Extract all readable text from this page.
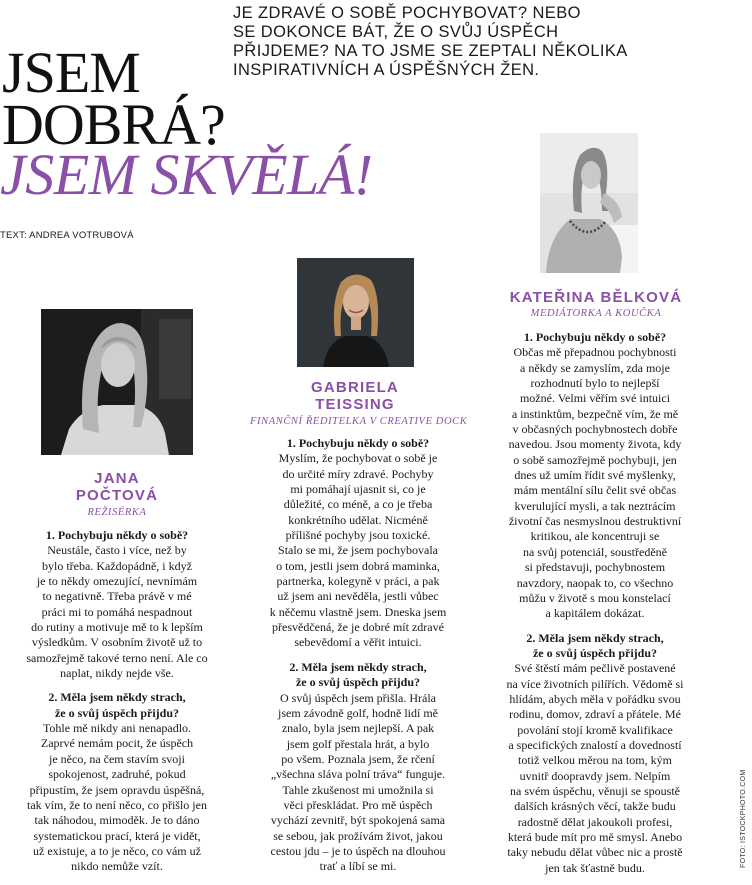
JE ZDRAVÉ O SOBĚ POCHYBOVAT? NEBO
SE DOKONCE BÁT, ŽE O SVŮJ ÚSPĚCH
PŘIJDEME? NA TO JSME SE ZEPTALI NĚKOLIKA
INSPIRATIVNÍCH A ÚSPĚŠNÝCH ŽEN.
JSEM
DOBRÁ?
JSEM SKVĚLÁ!
TEXT: ANDREA VOTRUBOVÁ
JANA
POČTOVÁ
REŽISÉRKA
GABRIELA
TEISSING
FINANČNÍ ŘEDITELKA V CREATIVE DOCK
KATEŘINA BĚLKOVÁ
MEDIÁTORKA A KOUČKA

1. Pochybuju někdy o sobě?

Neustále, často i více, než by

bylo třeba. Každopádně, i když

je to někdy omezující, nevnímám

to negativně. Třeba právě v mé

práci mi to pomáhá nespadnout

do rutiny a motivuje mě to k lepším

výsledkům. V osobním životě už to

samozřejmě takové terno není. Ale co

naplat, nikdy nejde vše.

2. Měla jsem někdy strach,

že o svůj úspěch přijdu?

Tohle mě nikdy ani nenapadlo.

Zaprvé nemám pocit, že úspěch

je něco, na čem stavím svoji

spokojenost, zadruhé, pokud

připustím, že jsem opravdu úspěšná,

tak vím, že to není něco, co přišlo jen

tak náhodou, mimoděk. Je to dáno

systematickou prací, která je vidět,

už existuje, a to je něco, co vám už

nikdo nemůže vzít.

1. Pochybuju někdy o sobě?

Myslím, že pochybovat o sobě je

do určité míry zdravé. Pochyby

mi pomáhají ujasnit si, co je

důležité, co méně, a co je třeba

konkrétního udělat. Nicméně

přílišné pochyby jsou toxické.

Stalo se mi, že jsem pochybovala

o tom, jestli jsem dobrá maminka,

partnerka, kolegyně v práci, a pak

už jsem ani nevěděla, jestli vůbec

k něčemu vlastně jsem. Dneska jsem

přesvědčená, že je dobré mít zdravé

sebevědomí a věřit intuici.

2. Měla jsem někdy strach,

že o svůj úspěch přijdu?

O svůj úspěch jsem přišla. Hrála

jsem závodně golf, hodně lidí mě

znalo, byla jsem nejlepší. A pak

jsem golf přestala hrát, a bylo

po všem. Poznala jsem, že rčení

„všechna sláva polní tráva“ funguje.

Tahle zkušenost mi umožnila si

věci přeskládat. Pro mě úspěch

vychází zevnitř, být spokojená sama

se sebou, jak prožívám život, jakou

cestou jdu – je to úspěch na dlouhou

trať a líbí se mi.

1. Pochybuju někdy o sobě?

Občas mě přepadnou pochybnosti

a někdy se zamyslím, zda moje

rozhodnutí bylo to nejlepší

možné. Velmi věřím své intuici

a instinktům, bezpečně vím, že mě

v občasných pochybnostech dobře

navedou. Jsou momenty života, kdy

o sobě samozřejmě pochybuji, jen

dnes už umím řídit své myšlenky,

mám mentální sílu čelit své občas

kverulující mysli, a tak neztrácím

životní čas nesmyslnou destruktivní

kritikou, ale koncentruji se

na svůj potenciál, soustředěně

si představuji, pochybnostem

navzdory, naopak to, co všechno

můžu v životě s mou konstelací

a kapitálem dokázat.

2. Měla jsem někdy strach,

že o svůj úspěch přijdu?

Své štěstí mám pečlivě postavené

na více životních pilířích. Vědomě si

hlídám, abych měla v pořádku svou

rodinu, domov, zdraví a přátele. Mé

povolání stojí kromě kvalifikace

a specifických znalostí a dovedností

totiž velkou měrou na tom, kým

uvnitř doopravdy jsem. Nelpím

na svém úspěchu, věnuji se spoustě

dalších krásných věcí, takže budu

radostně dělat jakoukoli profesi,

která bude mít pro mě smysl. Anebo

taky nebudu dělat vůbec nic a prostě

jen tak šťastně budu.	FOTO: ISTOCKPHOTO.COM
